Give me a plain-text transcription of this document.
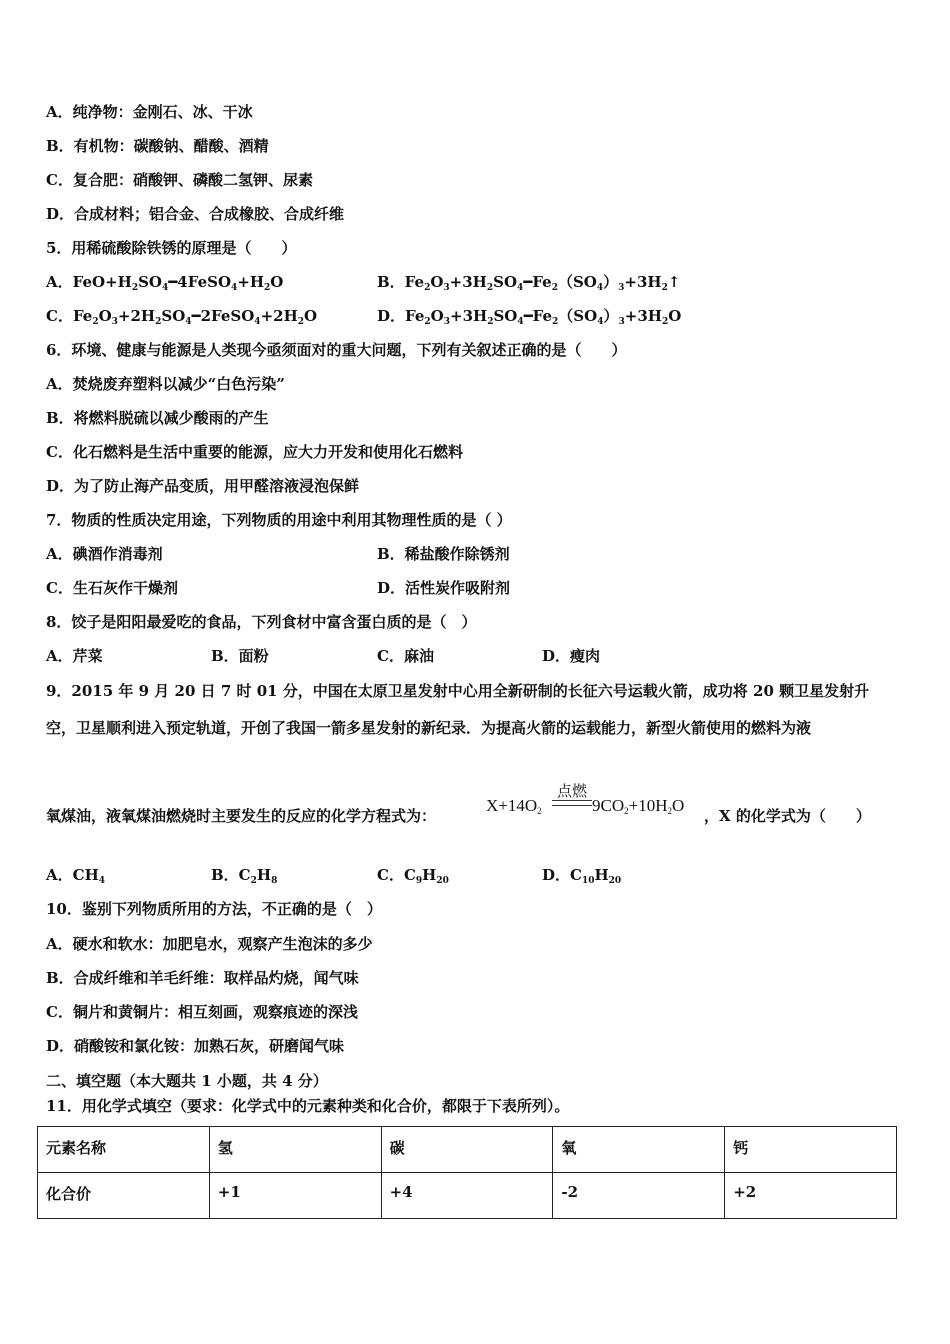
A．纯净物：金刚石、冰、干冰
B．有机物：碳酸钠、醋酸、酒精
C．复合肥：硝酸钾、磷酸二氢钾、尿素
D．合成材料；铝合金、合成橡胶、合成纤维
5．用稀硫酸除铁锈的原理是（　　）
A．$FeO+H_2SO_4━4FeSO_4+H_2O$	B．$Fe_2O_3+3H_2SO_4━Fe_2(SO_4)_3+3H_2↑$
C．$Fe_2O_3+2H_2SO_4━2FeSO_4+2H_2O$	D．$Fe_2O_3+3H_2SO_4━Fe_2(SO_4)_3+3H_2O$
6．环境、健康与能源是人类现今亟须面对的重大问题，下列有关叙述正确的是（　　）
A．焚烧废弃塑料以减少“白色污染”
B．将燃料脱硫以减少酸雨的产生
C．化石燃料是生活中重要的能源，应大力开发和使用化石燃料
D．为了防止海产品变质，用甲醛溶液浸泡保鲜
7．物质的性质决定用途，下列物质的用途中利用其物理性质的是（ ）
A．碘酒作消毒剂	B．稀盐酸作除锈剂
C．生石灰作干燥剂	D．活性炭作吸附剂
8．饺子是阳阳最爱吃的食品，下列食材中富含蛋白质的是（　）
A．芹菜	B．面粉	C．麻油	D．瘦肉
9．2015 年 9 月 20 日 7 时 01 分，中国在太原卫星发射中心用全新研制的长征六号运载火箭，成功将 20 颗卫星发射升
空，卫星顺利进入预定轨道，开创了我国一箭多星发射的新纪录．为提高火箭的运载能力，新型火箭使用的燃料为液
氧煤油，液氧煤油燃烧时主要发生的反应的化学方程式为：
$X+14O_2$	$9CO_2+10H_2O$
点燃
，X 的化学式为（　　）
A．$CH_4$	B．$C_2H_8$	C．$C_9H_{20}$	D．$C_{10}H_{20}$
10．鉴别下列物质所用的方法，不正确的是（　）
A．硬水和软水：加肥皂水，观察产生泡沫的多少
B．合成纤维和羊毛纤维：取样品灼烧，闻气味
C．铜片和黄铜片：相互刻画，观察痕迹的深浅
D．硝酸铵和氯化铵：加熟石灰，研磨闻气味
二、填空题（本大题共 1 小题，共 4 分）
11．用化学式填空（要求：化学式中的元素种类和化合价，都限于下表所列）。
元素名称	氢	碳	氧	钙
化合价	+1	+4	-2	+2
